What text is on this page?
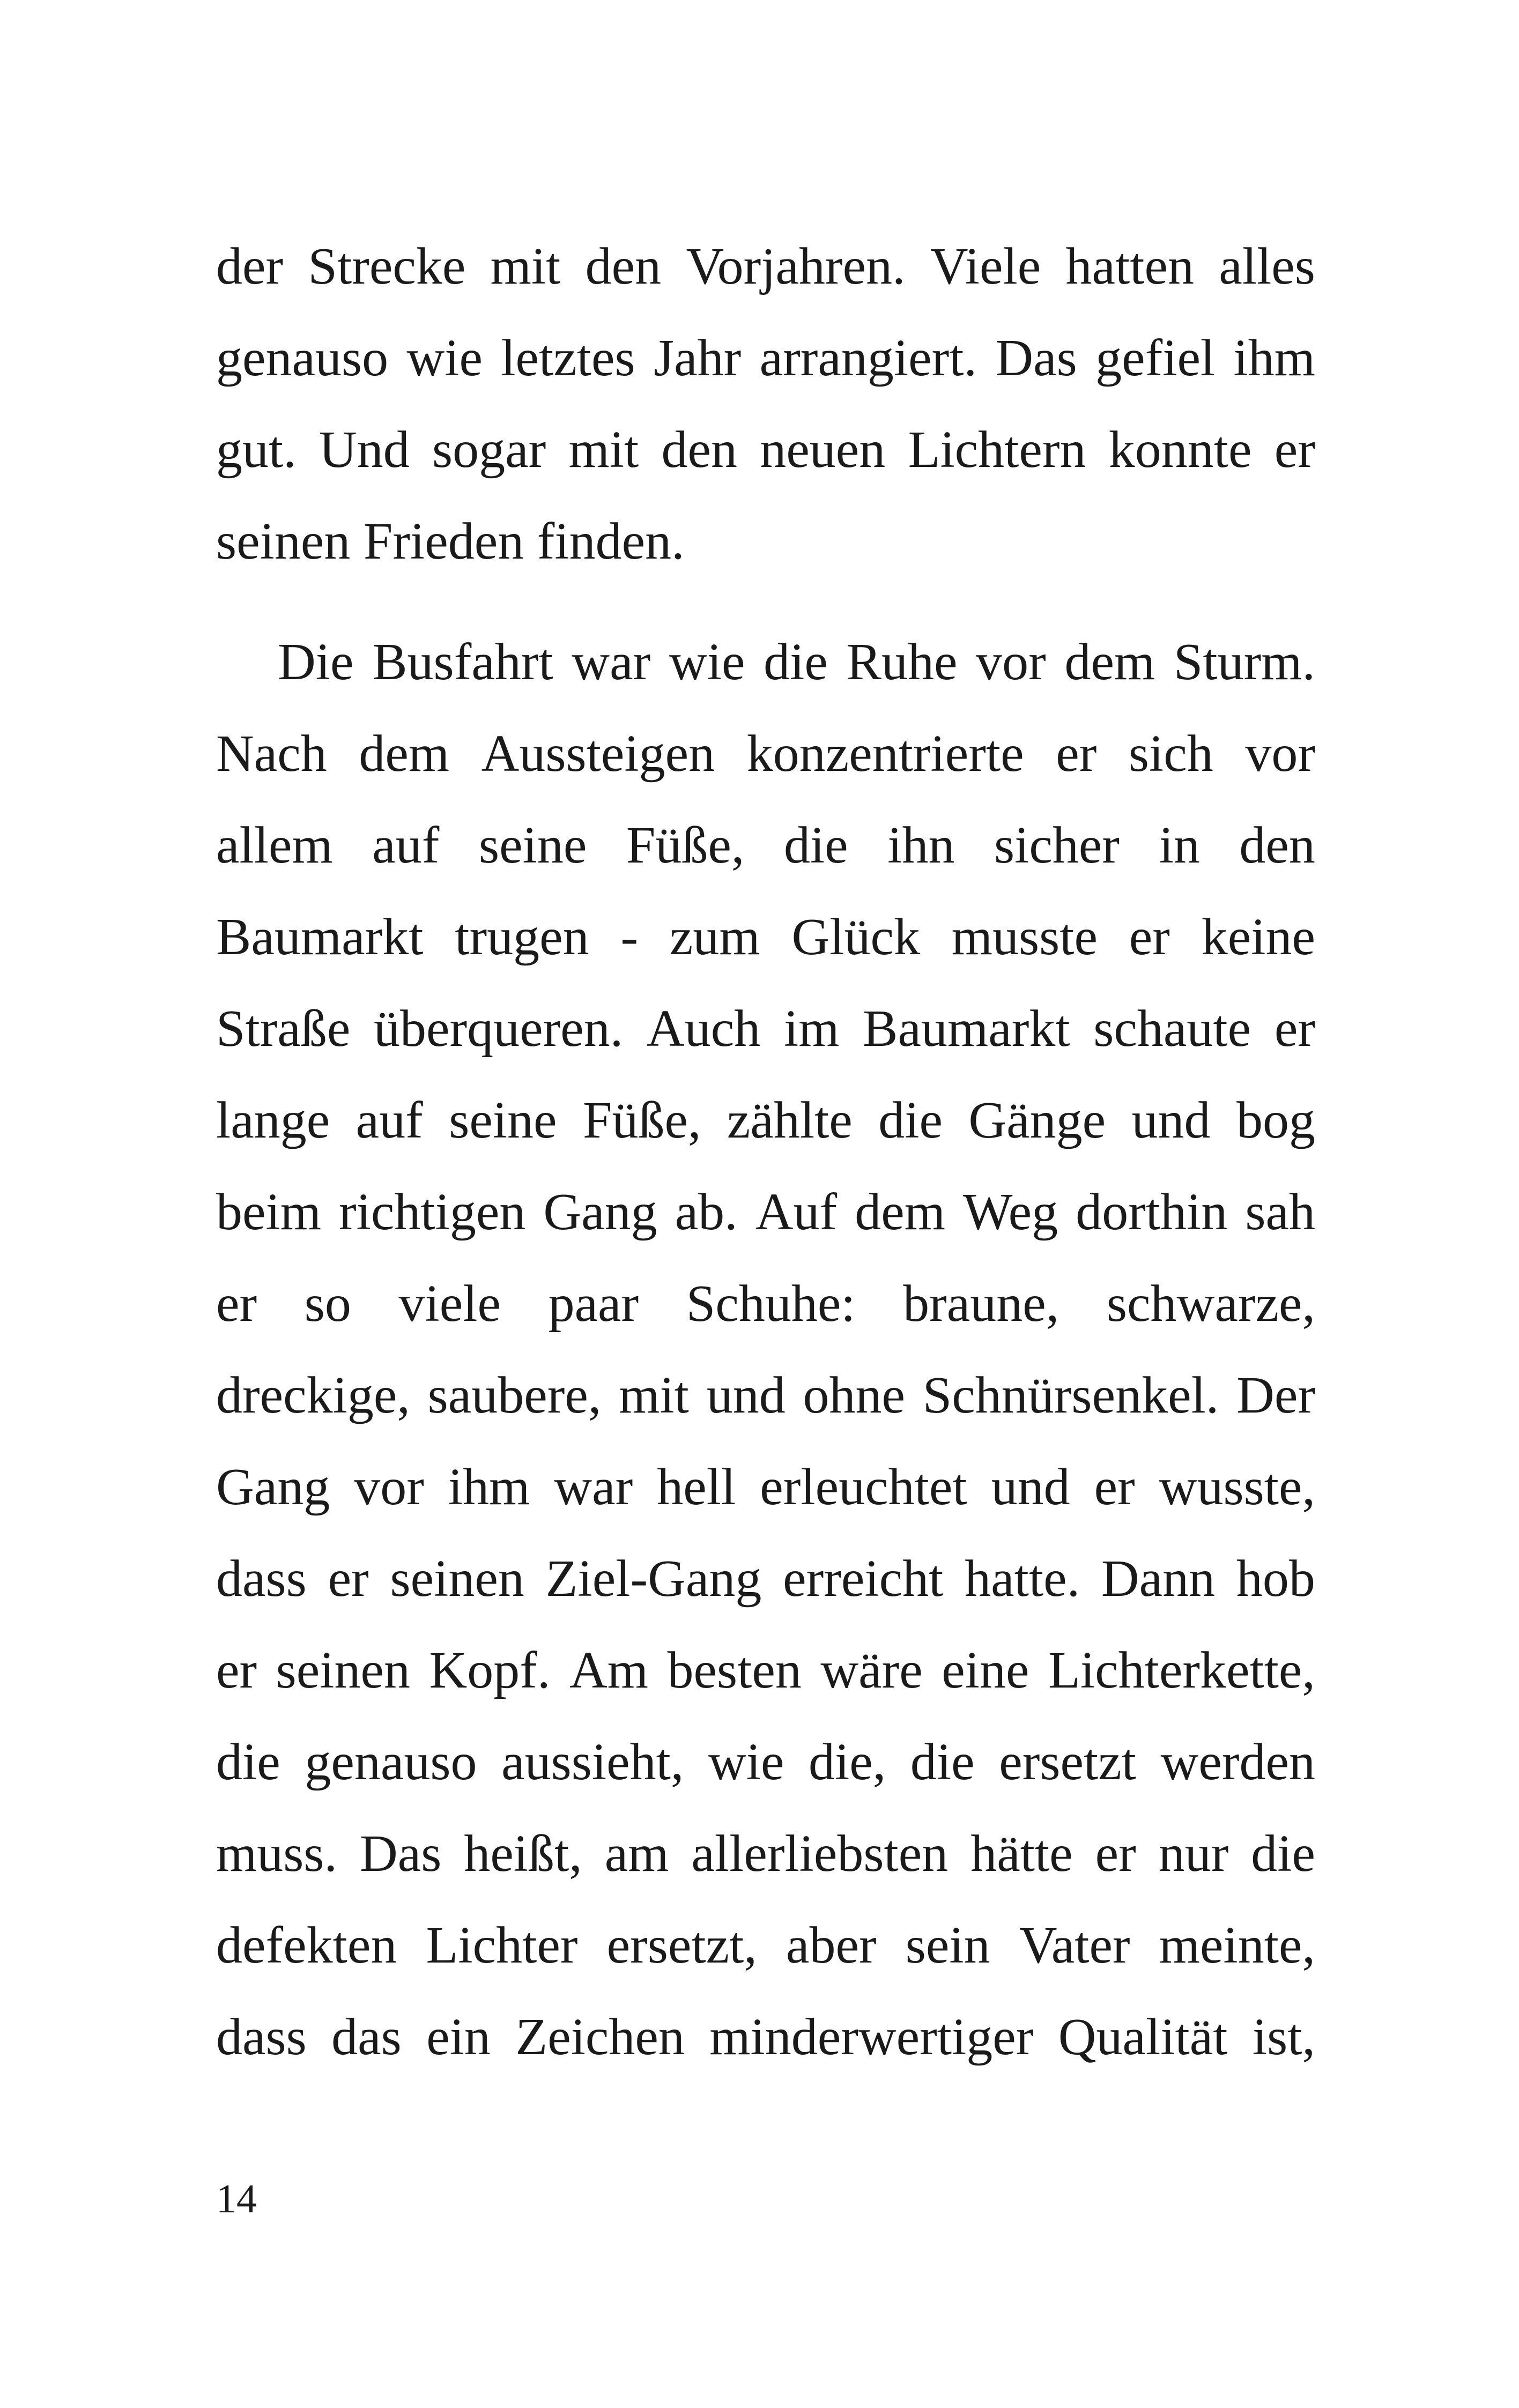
der Strecke mit den Vorjahren. Viele hatten alles
genauso wie letztes Jahr arrangiert. Das gefiel ihm
gut. Und sogar mit den neuen Lichtern konnte er
seinen Frieden finden.
Die Busfahrt war wie die Ruhe vor dem Sturm.
Nach dem Aussteigen konzentrierte er sich vor
allem auf seine Füße, die ihn sicher in den
Baumarkt trugen - zum Glück musste er keine
Straße überqueren. Auch im Baumarkt schaute er
lange auf seine Füße, zählte die Gänge und bog
beim richtigen Gang ab. Auf dem Weg dorthin sah
er so viele paar Schuhe: braune, schwarze,
dreckige, saubere, mit und ohne Schnürsenkel. Der
Gang vor ihm war hell erleuchtet und er wusste,
dass er seinen Ziel-Gang erreicht hatte. Dann hob
er seinen Kopf. Am besten wäre eine Lichterkette,
die genauso aussieht, wie die, die ersetzt werden
muss. Das heißt, am allerliebsten hätte er nur die
defekten Lichter ersetzt, aber sein Vater meinte,
dass das ein Zeichen minderwertiger Qualität ist,
14
